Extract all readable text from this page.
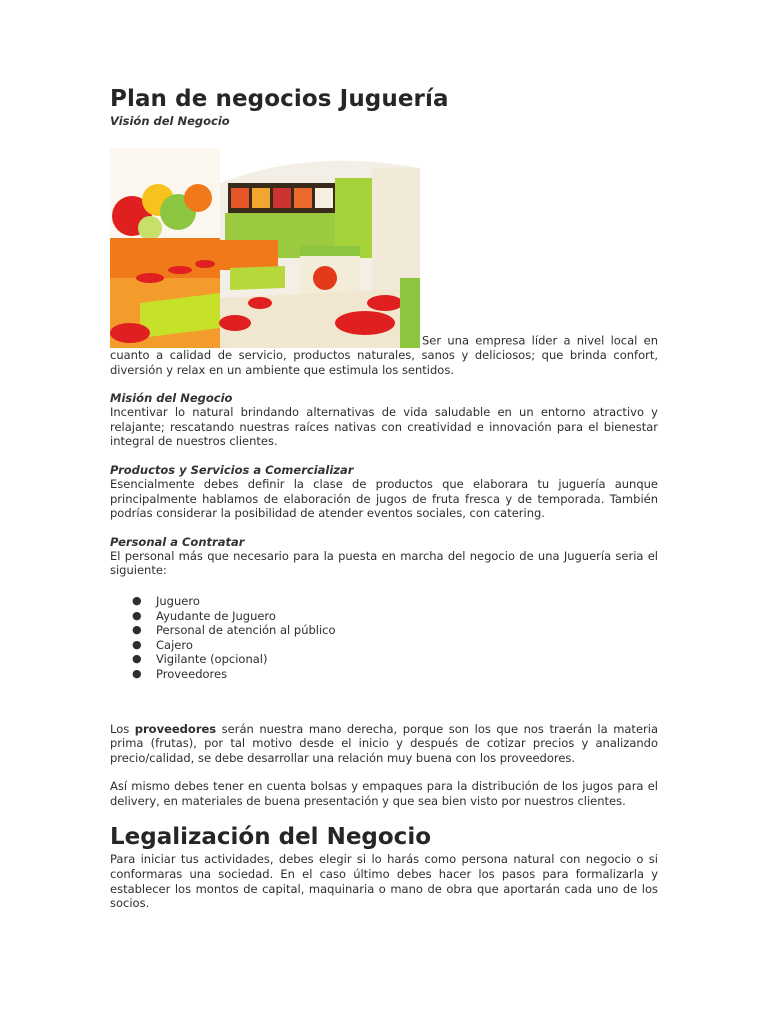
Plan de negocios Juguería
Visión del Negocio

Ser una empresa líder a nivel local en cuanto a calidad de servicio, productos naturales, sanos y deliciosos; que brinda confort, diversión y relax en un ambiente que estimula los sentidos.

Misión del Negocio

Incentivar lo natural brindando alternativas de vida saludable en un entorno atractivo y relajante; rescatando nuestras raíces nativas con creatividad e innovación para el bienestar integral de nuestros clientes.

Productos y Servicios a Comercializar

Esencialmente debes definir la clase de productos que elaborara tu juguería aunque principalmente hablamos de elaboración de jugos de fruta fresca y de temporada. También podrías considerar la posibilidad de atender eventos sociales, con catering.

Personal a Contratar

El personal más que necesario para la puesta en marcha del negocio de una Juguería seria el siguiente:

● Juguero
● Ayudante de Juguero
● Personal de atención al público
● Cajero
● Vigilante (opcional)
● Proveedores

Los proveedores serán nuestra mano derecha, porque son los que nos traerán la materia prima (frutas), por tal motivo desde el inicio y después de cotizar precios y analizando precio/calidad, se debe desarrollar una relación muy buena con los proveedores.

Así mismo debes tener en cuenta bolsas y empaques para la distribución de los jugos para el delivery, en materiales de buena presentación y que sea bien visto por nuestros clientes.

Legalización del Negocio

Para iniciar tus actividades, debes elegir si lo harás como persona natural con negocio o si conformaras una sociedad. En el caso último debes hacer los pasos para formalizarla y establecer los montos de capital, maquinaria o mano de obra que aportarán cada uno de los socios.
